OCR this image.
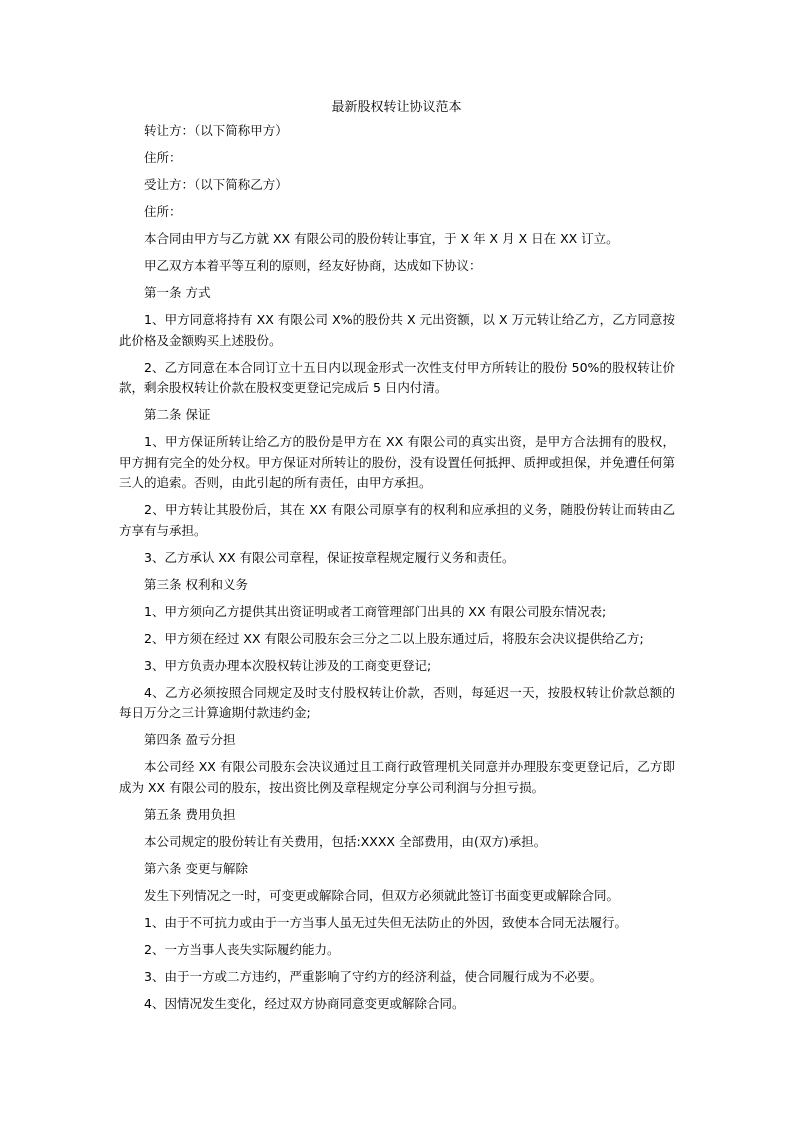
最新股权转让协议范本

转让方：（以下简称甲方）

住所：

受让方：（以下简称乙方）

住所：

本合同由甲方与乙方就 XX 有限公司的股份转让事宜，于 X 年 X 月 X 日在 XX 订立。

甲乙双方本着平等互利的原则，经友好协商，达成如下协议：

第一条 方式

1、甲方同意将持有 XX 有限公司 X%的股份共 X 元出资额，以 X 万元转让给乙方，乙方同意按此价格及金额购买上述股份。

2、乙方同意在本合同订立十五日内以现金形式一次性支付甲方所转让的股份 50%的股权转让价款，剩余股权转让价款在股权变更登记完成后 5 日内付清。

第二条 保证

1、甲方保证所转让给乙方的股份是甲方在 XX 有限公司的真实出资，是甲方合法拥有的股权，甲方拥有完全的处分权。甲方保证对所转让的股份，没有设置任何抵押、质押或担保，并免遭任何第三人的追索。否则，由此引起的所有责任，由甲方承担。

2、甲方转让其股份后，其在 XX 有限公司原享有的权利和应承担的义务，随股份转让而转由乙方享有与承担。

3、乙方承认 XX 有限公司章程，保证按章程规定履行义务和责任。

第三条 权利和义务

1、甲方须向乙方提供其出资证明或者工商管理部门出具的 XX 有限公司股东情况表;

2、甲方须在经过 XX 有限公司股东会三分之二以上股东通过后，将股东会决议提供给乙方;

3、甲方负责办理本次股权转让涉及的工商变更登记;

4、乙方必须按照合同规定及时支付股权转让价款，否则，每延迟一天，按股权转让价款总额的每日万分之三计算逾期付款违约金;

第四条 盈亏分担

本公司经 XX 有限公司股东会决议通过且工商行政管理机关同意并办理股东变更登记后，乙方即成为 XX 有限公司的股东，按出资比例及章程规定分享公司利润与分担亏损。

第五条 费用负担

本公司规定的股份转让有关费用，包括:XXXX 全部费用，由(双方)承担。

第六条 变更与解除

发生下列情况之一时，可变更或解除合同，但双方必须就此签订书面变更或解除合同。

1、由于不可抗力或由于一方当事人虽无过失但无法防止的外因，致使本合同无法履行。

2、一方当事人丧失实际履约能力。

3、由于一方或二方违约，严重影响了守约方的经济利益，使合同履行成为不必要。

4、因情况发生变化，经过双方协商同意变更或解除合同。
